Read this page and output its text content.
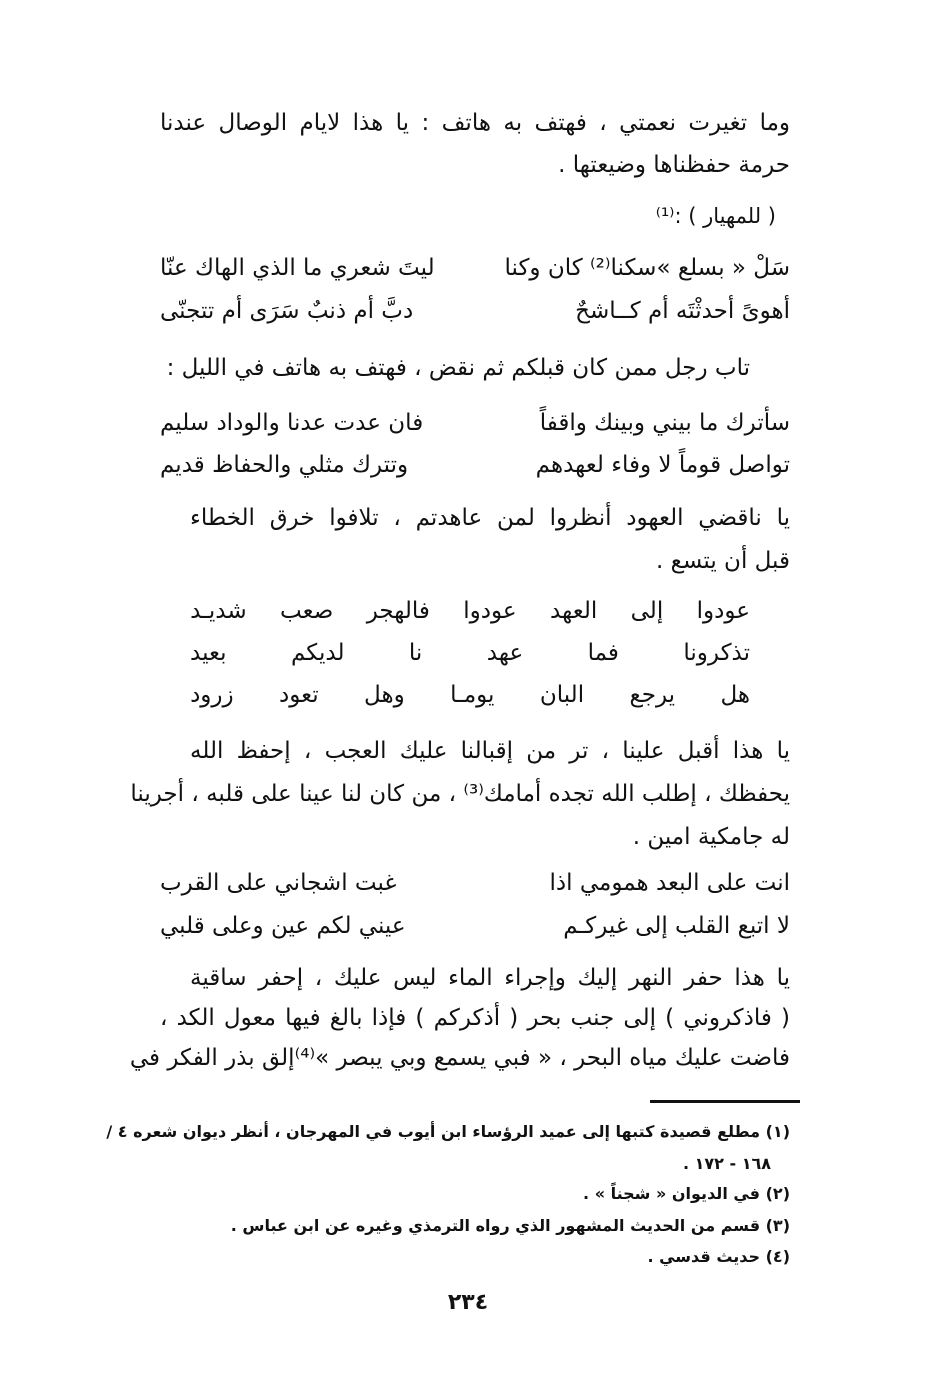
وما تغيرت نعمتي ، فهتف به هاتف : يا هذا لايام الوصال عندنا
حرمة حفظناها وضيعتها .
( للمهيار ) :⁽¹⁾
سَلْ « بسلع »سكنا⁽²⁾ كان وكنا
ليتَ شعري ما الذي الهاك عنّا
أهوىً أحدثْتَه أم كــاشحٌ
دبَّ أم ذنبٌ سَرَى أم تتجنّى
تاب رجل ممن كان قبلكم ثم نقض ، فهتف به هاتف في الليل :
سأترك ما بيني وبينك واقفاً
فان عدت عدنا والوداد سليم
تواصل قوماً لا وفاء لعهدهم
وتترك مثلي والحفاظ قديم
يا ناقضي العهود أنظروا لمن عاهدتم ، تلافوا خرق الخطاء
قبل أن يتسع .
عودوا
إلى
العهد
عودوا
فالهجر
صعب
شديـد
تذكرونا
فما
عهد
نا
لديكم
بعيد
هل
يرجع
البان
يومـا
وهل
تعود
زرود
يا هذا أقبل علينا ، تر من إقبالنا عليك العجب ، إحفظ الله
يحفظك ، إطلب الله تجده أمامك⁽³⁾ ، من كان لنا عينا على قلبه ، أجرينا
له جامكية امين .
انت على البعد همومي اذا
غبت اشجاني على القرب
لا اتبع القلب إلى غيركـم
عيني لكم عين وعلى قلبي
يا هذا حفر النهر إليك وإجراء الماء ليس عليك ، إحفر ساقية
( فاذكروني ) إلى جنب بحر ( أذكركم ) فإذا بالغ فيها معول الكد ،
فاضت عليك مياه البحر ، « فبي يسمع وبي يبصر »⁽⁴⁾إلق بذر الفكر في
(١) مطلع قصيدة كتبها إلى عميد الرؤساء ابن أيوب في المهرجان ، أنظر ديوان شعره ٤ /
١٦٨ - ١٧٢ .
(٢) في الديوان « شجناً » .
(٣) قسم من الحديث المشهور الذي رواه الترمذي وغيره عن ابن عباس .
(٤) حديث قدسي .
٢٣٤
